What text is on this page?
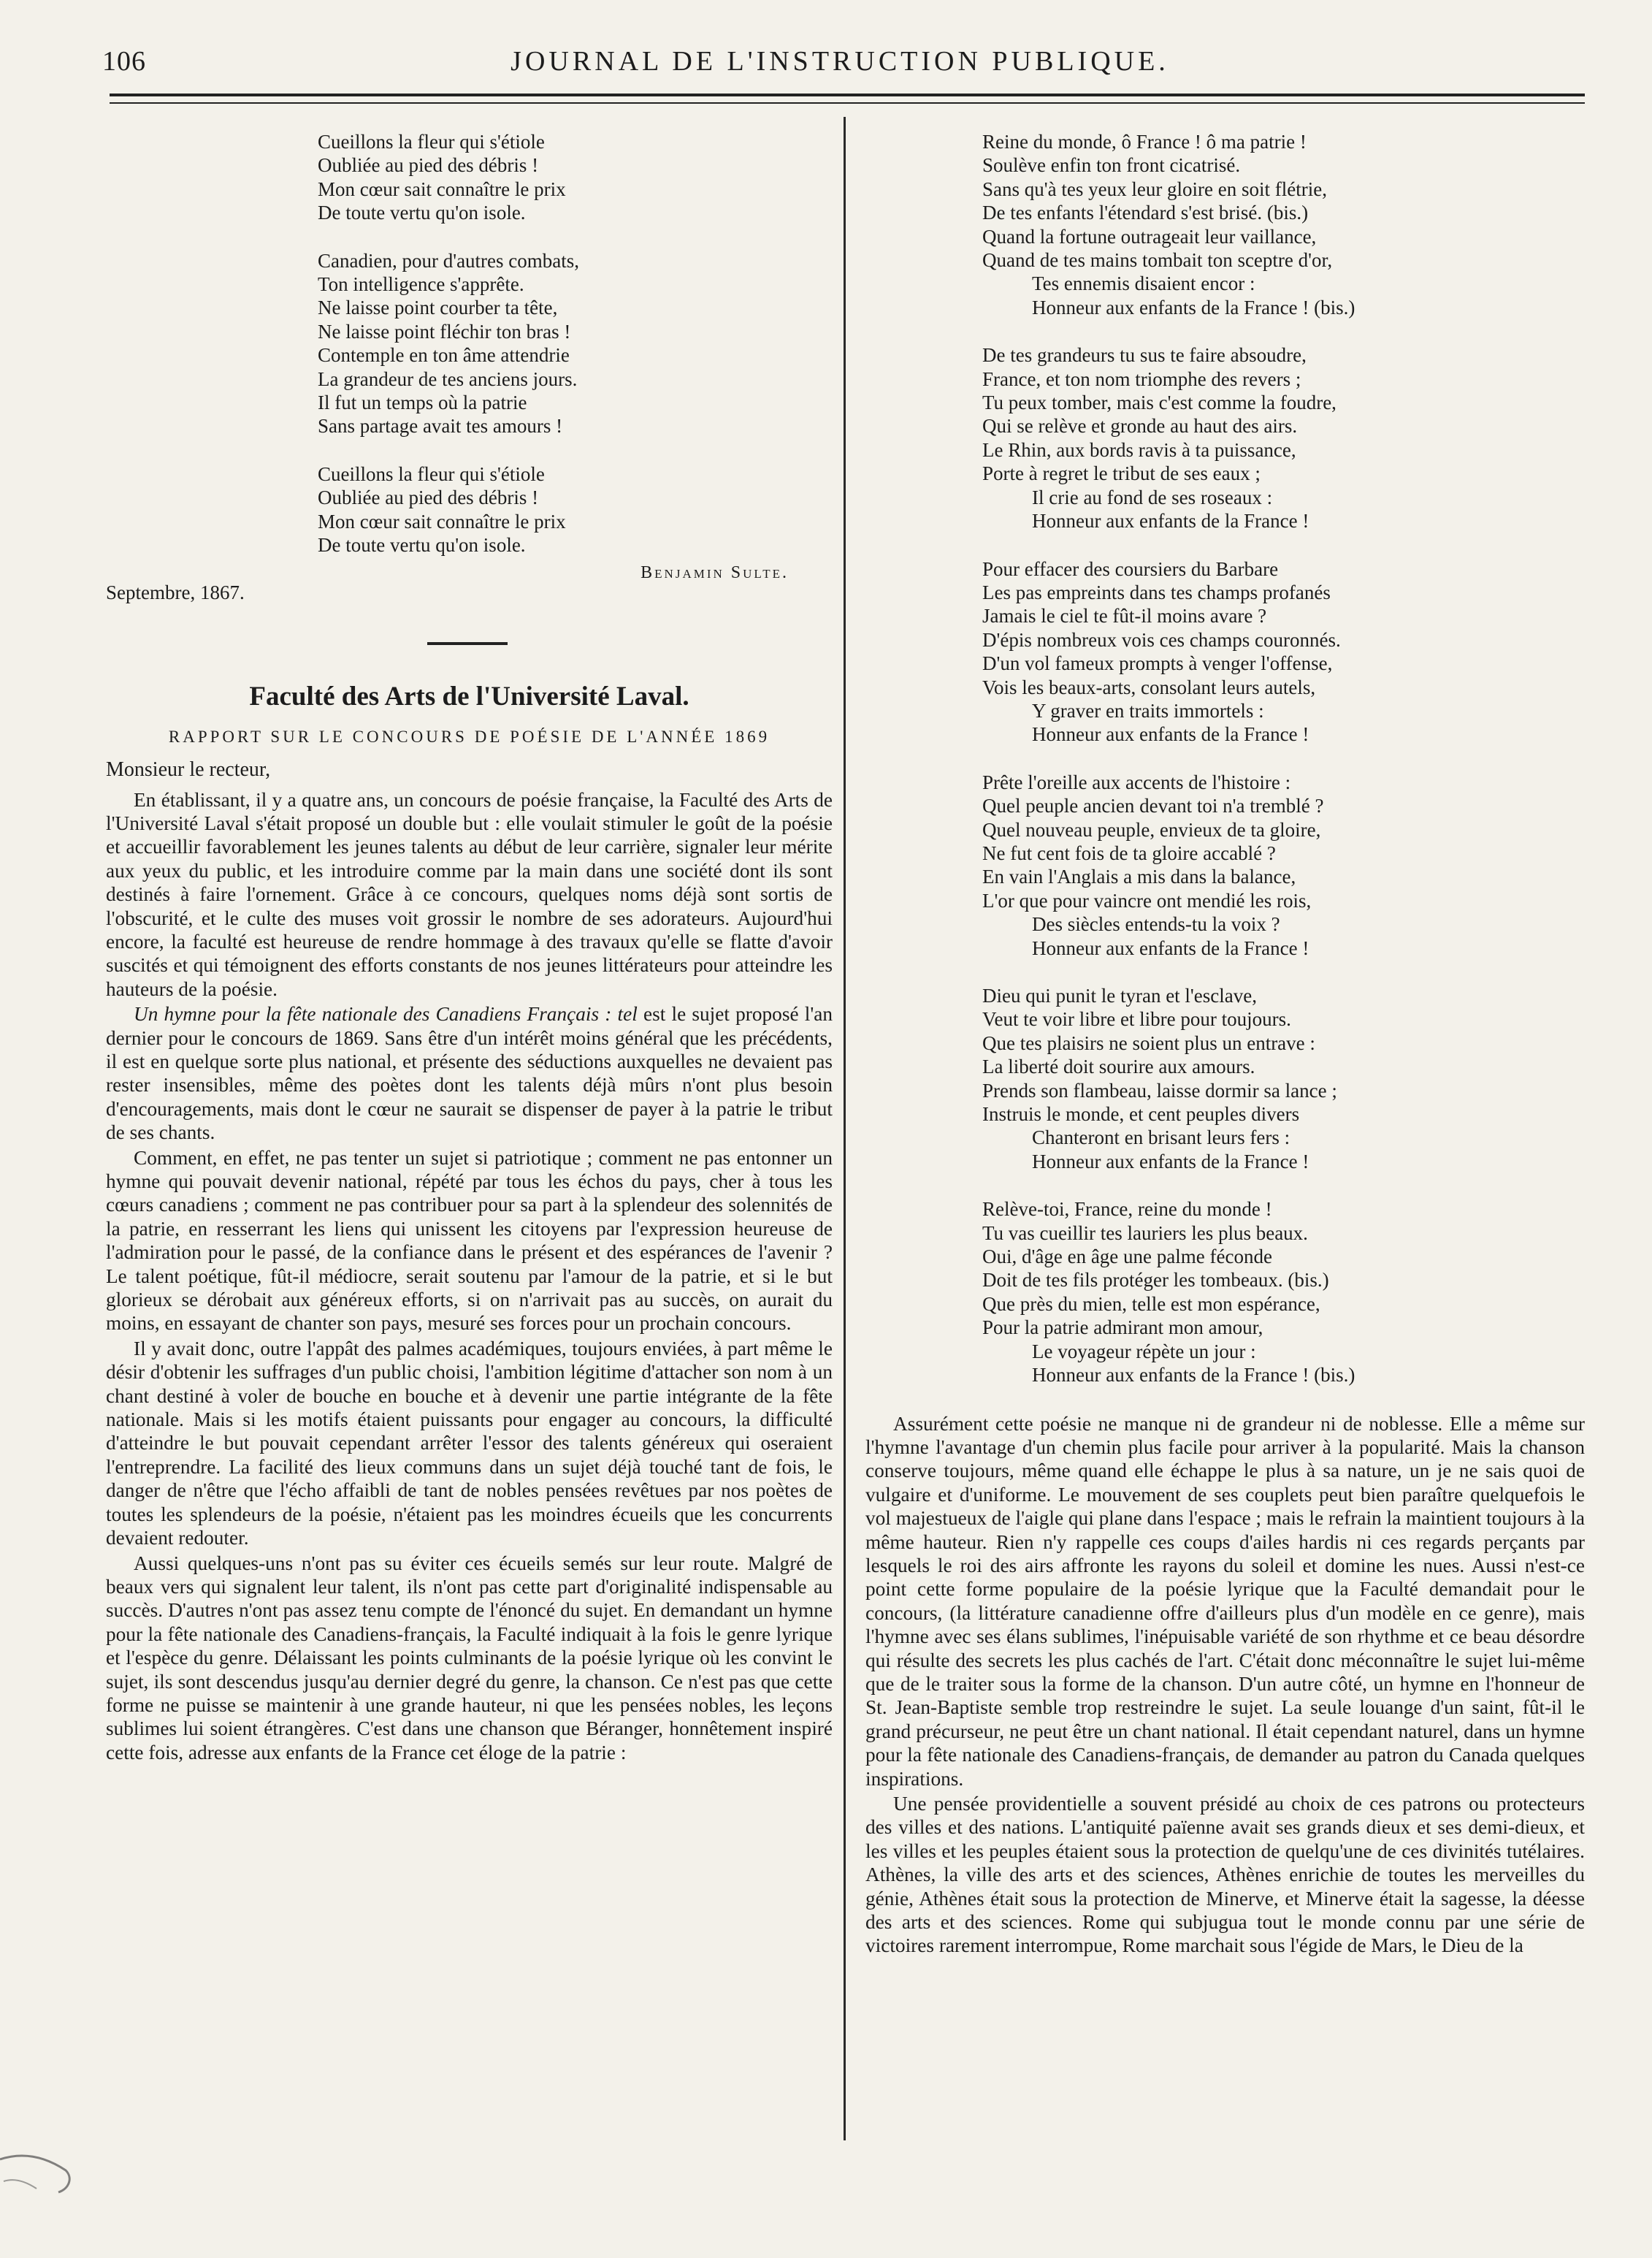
106	JOURNAL DE L'INSTRUCTION PUBLIQUE.
Cueillons la fleur qui s'étiole
Oubliée au pied des débris !
Mon cœur sait connaître le prix
De toute vertu qu'on isole.
Canadien, pour d'autres combats,
Ton intelligence s'apprête.
Ne laisse point courber ta tête,
Ne laisse point fléchir ton bras !
Contemple en ton âme attendrie
La grandeur de tes anciens jours.
Il fut un temps où la patrie
Sans partage avait tes amours !
Cueillons la fleur qui s'étiole
Oubliée au pied des débris !
Mon cœur sait connaître le prix
De toute vertu qu'on isole.
Benjamin Sulte.
Septembre, 1867.
Faculté des Arts de l'Université Laval.
RAPPORT SUR LE CONCOURS DE POÉSIE DE L'ANNÉE 1869
Monsieur le recteur,

En établissant, il y a quatre ans, un concours de poésie française, la Faculté des Arts de l'Université Laval s'était proposé un double but : elle voulait stimuler le goût de la poésie et accueillir favorablement les jeunes talents au début de leur carrière, signaler leur mérite aux yeux du public, et les introduire comme par la main dans une société dont ils sont destinés à faire l'ornement. Grâce à ce concours, quelques noms déjà sont sortis de l'obscurité, et le culte des muses voit grossir le nombre de ses adorateurs. Aujourd'hui encore, la faculté est heureuse de rendre hommage à des travaux qu'elle se flatte d'avoir suscités et qui témoignent des efforts constants de nos jeunes littérateurs pour atteindre les hauteurs de la poésie.

Un hymne pour la fête nationale des Canadiens Français : tel est le sujet proposé l'an dernier pour le concours de 1869. Sans être d'un intérêt moins général que les précédents, il est en quelque sorte plus national, et présente des séductions auxquelles ne devaient pas rester insensibles, même des poètes dont les talents déjà mûrs n'ont plus besoin d'encouragements, mais dont le cœur ne saurait se dispenser de payer à la patrie le tribut de ses chants.

Comment, en effet, ne pas tenter un sujet si patriotique ; comment ne pas entonner un hymne qui pouvait devenir national, répété par tous les échos du pays, cher à tous les cœurs canadiens ; comment ne pas contribuer pour sa part à la splendeur des solennités de la patrie, en resserrant les liens qui unissent les citoyens par l'expression heureuse de l'admiration pour le passé, de la confiance dans le présent et des espérances de l'avenir ? Le talent poétique, fût-il médiocre, serait soutenu par l'amour de la patrie, et si le but glorieux se dérobait aux généreux efforts, si on n'arrivait pas au succès, on aurait du moins, en essayant de chanter son pays, mesuré ses forces pour un prochain concours.

Il y avait donc, outre l'appât des palmes académiques, toujours enviées, à part même le désir d'obtenir les suffrages d'un public choisi, l'ambition légitime d'attacher son nom à un chant destiné à voler de bouche en bouche et à devenir une partie intégrante de la fête nationale. Mais si les motifs étaient puissants pour engager au concours, la difficulté d'atteindre le but pouvait cependant arrêter l'essor des talents généreux qui oseraient l'entreprendre. La facilité des lieux communs dans un sujet déjà touché tant de fois, le danger de n'être que l'écho affaibli de tant de nobles pensées revêtues par nos poètes de toutes les splendeurs de la poésie, n'étaient pas les moindres écueils que les concurrents devaient redouter.

Aussi quelques-uns n'ont pas su éviter ces écueils semés sur leur route. Malgré de beaux vers qui signalent leur talent, ils n'ont pas cette part d'originalité indispensable au succès. D'autres n'ont pas assez tenu compte de l'énoncé du sujet. En demandant un hymne pour la fête nationale des Canadiens-français, la Faculté indiquait à la fois le genre lyrique et l'espèce du genre. Délaissant les points culminants de la poésie lyrique où les convint le sujet, ils sont descendus jusqu'au dernier degré du genre, la chanson. Ce n'est pas que cette forme ne puisse se maintenir à une grande hauteur, ni que les pensées nobles, les leçons sublimes lui soient étrangères. C'est dans une chanson que Béranger, honnêtement inspiré cette fois, adresse aux enfants de la France cet éloge de la patrie :

Reine du monde, ô France ! ô ma patrie !
Soulève enfin ton front cicatrisé.
Sans qu'à tes yeux leur gloire en soit flétrie,
De tes enfants l'étendard s'est brisé. (bis.)
Quand la fortune outrageait leur vaillance,
Quand de tes mains tombait ton sceptre d'or,
Tes ennemis disaient encor :
Honneur aux enfants de la France ! (bis.)
De tes grandeurs tu sus te faire absoudre,
France, et ton nom triomphe des revers ;
Tu peux tomber, mais c'est comme la foudre,
Qui se relève et gronde au haut des airs.
Le Rhin, aux bords ravis à ta puissance,
Porte à regret le tribut de ses eaux ;
Il crie au fond de ses roseaux :
Honneur aux enfants de la France !
Pour effacer des coursiers du Barbare
Les pas empreints dans tes champs profanés
Jamais le ciel te fût-il moins avare ?
D'épis nombreux vois ces champs couronnés.
D'un vol fameux prompts à venger l'offense,
Vois les beaux-arts, consolant leurs autels,
Y graver en traits immortels :
Honneur aux enfants de la France !
Prête l'oreille aux accents de l'histoire :
Quel peuple ancien devant toi n'a tremblé ?
Quel nouveau peuple, envieux de ta gloire,
Ne fut cent fois de ta gloire accablé ?
En vain l'Anglais a mis dans la balance,
L'or que pour vaincre ont mendié les rois,
Des siècles entends-tu la voix ?
Honneur aux enfants de la France !
Dieu qui punit le tyran et l'esclave,
Veut te voir libre et libre pour toujours.
Que tes plaisirs ne soient plus un entrave :
La liberté doit sourire aux amours.
Prends son flambeau, laisse dormir sa lance ;
Instruis le monde, et cent peuples divers
Chanteront en brisant leurs fers :
Honneur aux enfants de la France !
Relève-toi, France, reine du monde !
Tu vas cueillir tes lauriers les plus beaux.
Oui, d'âge en âge une palme féconde
Doit de tes fils protéger les tombeaux. (bis.)
Que près du mien, telle est mon espérance,
Pour la patrie admirant mon amour,
Le voyageur répète un jour :
Honneur aux enfants de la France ! (bis.)

Assurément cette poésie ne manque ni de grandeur ni de noblesse. Elle a même sur l'hymne l'avantage d'un chemin plus facile pour arriver à la popularité. Mais la chanson conserve toujours, même quand elle échappe le plus à sa nature, un je ne sais quoi de vulgaire et d'uniforme. Le mouvement de ses couplets peut bien paraître quelquefois le vol majestueux de l'aigle qui plane dans l'espace ; mais le refrain la maintient toujours à la même hauteur. Rien n'y rappelle ces coups d'ailes hardis ni ces regards perçants par lesquels le roi des airs affronte les rayons du soleil et domine les nues. Aussi n'est-ce point cette forme populaire de la poésie lyrique que la Faculté demandait pour le concours, (la littérature canadienne offre d'ailleurs plus d'un modèle en ce genre), mais l'hymne avec ses élans sublimes, l'inépuisable variété de son rhythme et ce beau désordre qui résulte des secrets les plus cachés de l'art. C'était donc méconnaître le sujet lui-même que de le traiter sous la forme de la chanson. D'un autre côté, un hymne en l'honneur de St. Jean-Baptiste semble trop restreindre le sujet. La seule louange d'un saint, fût-il le grand précurseur, ne peut être un chant national. Il était cependant naturel, dans un hymne pour la fête nationale des Canadiens-français, de demander au patron du Canada quelques inspirations.

Une pensée providentielle a souvent présidé au choix de ces patrons ou protecteurs des villes et des nations. L'antiquité païenne avait ses grands dieux et ses demi-dieux, et les villes et les peuples étaient sous la protection de quelqu'une de ces divinités tutélaires. Athènes, la ville des arts et des sciences, Athènes enrichie de toutes les merveilles du génie, Athènes était sous la protection de Minerve, et Minerve était la sagesse, la déesse des arts et des sciences. Rome qui subjugua tout le monde connu par une série de victoires rarement interrompue, Rome marchait sous l'égide de Mars, le Dieu de la
